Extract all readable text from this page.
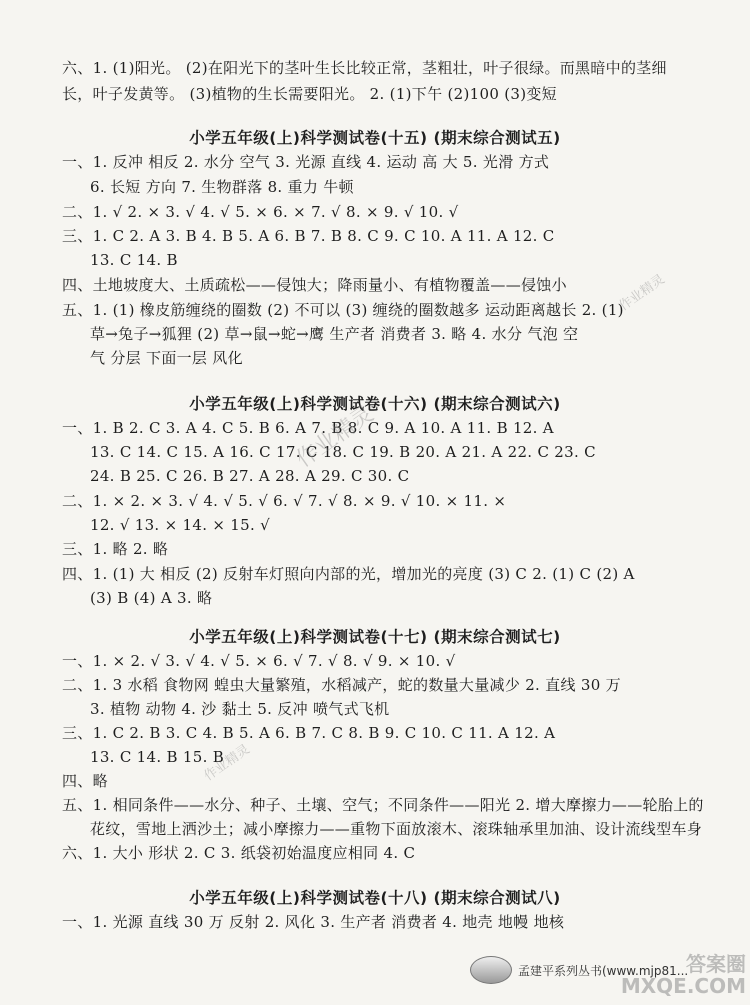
六、1. (1)阳光。 (2)在阳光下的茎叶生长比较正常，茎粗壮，叶子很绿。而黑暗中的茎细
长，叶子发黄等。 (3)植物的生长需要阳光。 2. (1)下午 (2)100 (3)变短
小学五年级(上)科学测试卷(十五) (期末综合测试五)
一、1. 反冲 相反 2. 水分 空气 3. 光源 直线 4. 运动 高 大 5. 光滑 方式
6. 长短 方向 7. 生物群落 8. 重力 牛顿
二、1. √ 2. × 3. √ 4. √ 5. × 6. × 7. √ 8. × 9. √ 10. √
三、1. C 2. A 3. B 4. B 5. A 6. B 7. B 8. C 9. C 10. A 11. A 12. C
13. C 14. B
四、土地坡度大、土质疏松——侵蚀大；降雨量小、有植物覆盖——侵蚀小
五、1. (1) 橡皮筋缠绕的圈数 (2) 不可以 (3) 缠绕的圈数越多 运动距离越长 2. (1)
草→兔子→狐狸 (2) 草→鼠→蛇→鹰 生产者 消费者 3. 略 4. 水分 气泡 空
气 分层 下面一层 风化
小学五年级(上)科学测试卷(十六) (期末综合测试六)
一、1. B 2. C 3. A 4. C 5. B 6. A 7. B 8. C 9. A 10. A 11. B 12. A
13. C 14. C 15. A 16. C 17. C 18. C 19. B 20. A 21. A 22. C 23. C
24. B 25. C 26. B 27. A 28. A 29. C 30. C
二、1. × 2. × 3. √ 4. √ 5. √ 6. √ 7. √ 8. × 9. √ 10. × 11. ×
12. √ 13. × 14. × 15. √
三、1. 略 2. 略
四、1. (1) 大 相反 (2) 反射车灯照向内部的光，增加光的亮度 (3) C 2. (1) C (2) A
(3) B (4) A 3. 略
小学五年级(上)科学测试卷(十七) (期末综合测试七)
一、1. × 2. √ 3. √ 4. √ 5. × 6. √ 7. √ 8. √ 9. × 10. √
二、1. 3 水稻 食物网 蝗虫大量繁殖，水稻减产，蛇的数量大量减少 2. 直线 30 万
3. 植物 动物 4. 沙 黏土 5. 反冲 喷气式飞机
三、1. C 2. B 3. C 4. B 5. A 6. B 7. C 8. B 9. C 10. C 11. A 12. A
13. C 14. B 15. B
四、略
五、1. 相同条件——水分、种子、土壤、空气；不同条件——阳光 2. 增大摩擦力——轮胎上的
花纹，雪地上洒沙土；减小摩擦力——重物下面放滚木、滚珠轴承里加油、设计流线型车身
六、1. 大小 形状 2. C 3. 纸袋初始温度应相同 4. C
小学五年级(上)科学测试卷(十八) (期末综合测试八)
一、1. 光源 直线 30 万 反射 2. 风化 3. 生产者 消费者 4. 地壳 地幔 地核
作业精灵
作业精灵
作业精灵
孟建平系列丛书(www.mjp81...
答案圈
MXQE.COM
